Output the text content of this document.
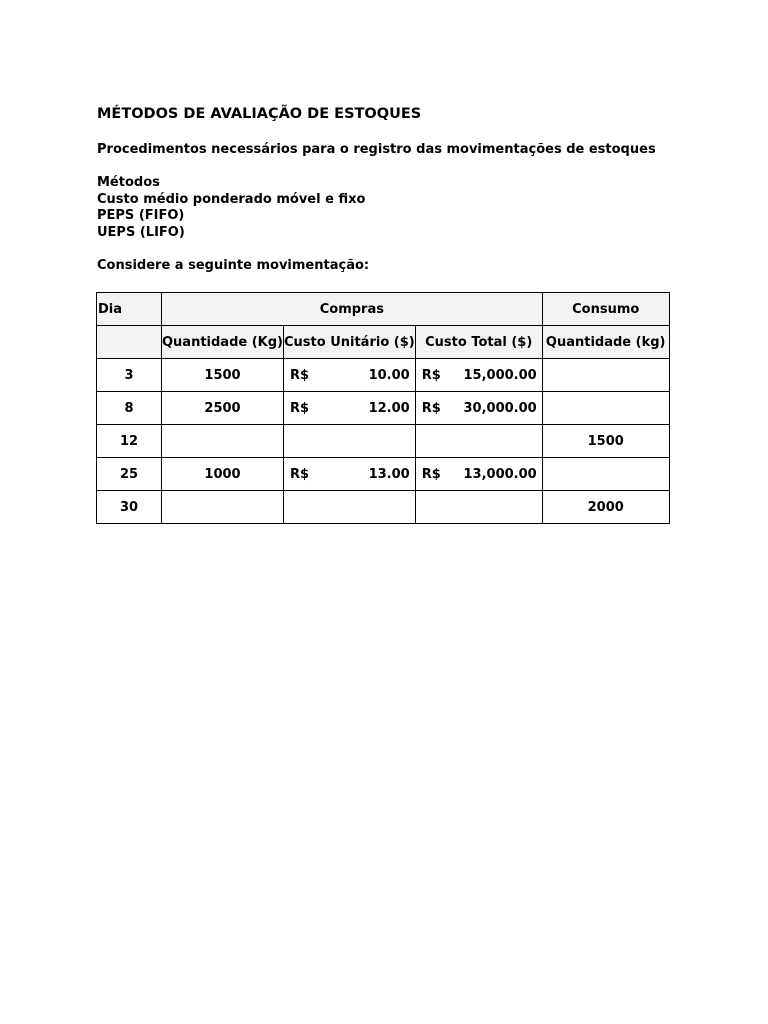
MÉTODOS DE AVALIAÇÃO DE ESTOQUES
Procedimentos necessários para o registro das movimentações de estoques
Métodos
Custo médio ponderado móvel e fixo
PEPS (FIFO)
UEPS (LIFO)
Considere a seguinte movimentação:
Dia	Compras			Consumo
	Quantidade (Kg)	Custo Unitário ($)	Custo Total ($)	Quantidade (kg)
3	1500	R$ 10.00	R$ 15,000.00	

8	2500	R$ 12.00	R$ 30,000.00	

12				1500
25	1000	R$ 13.00	R$ 13,000.00	

30				2000
